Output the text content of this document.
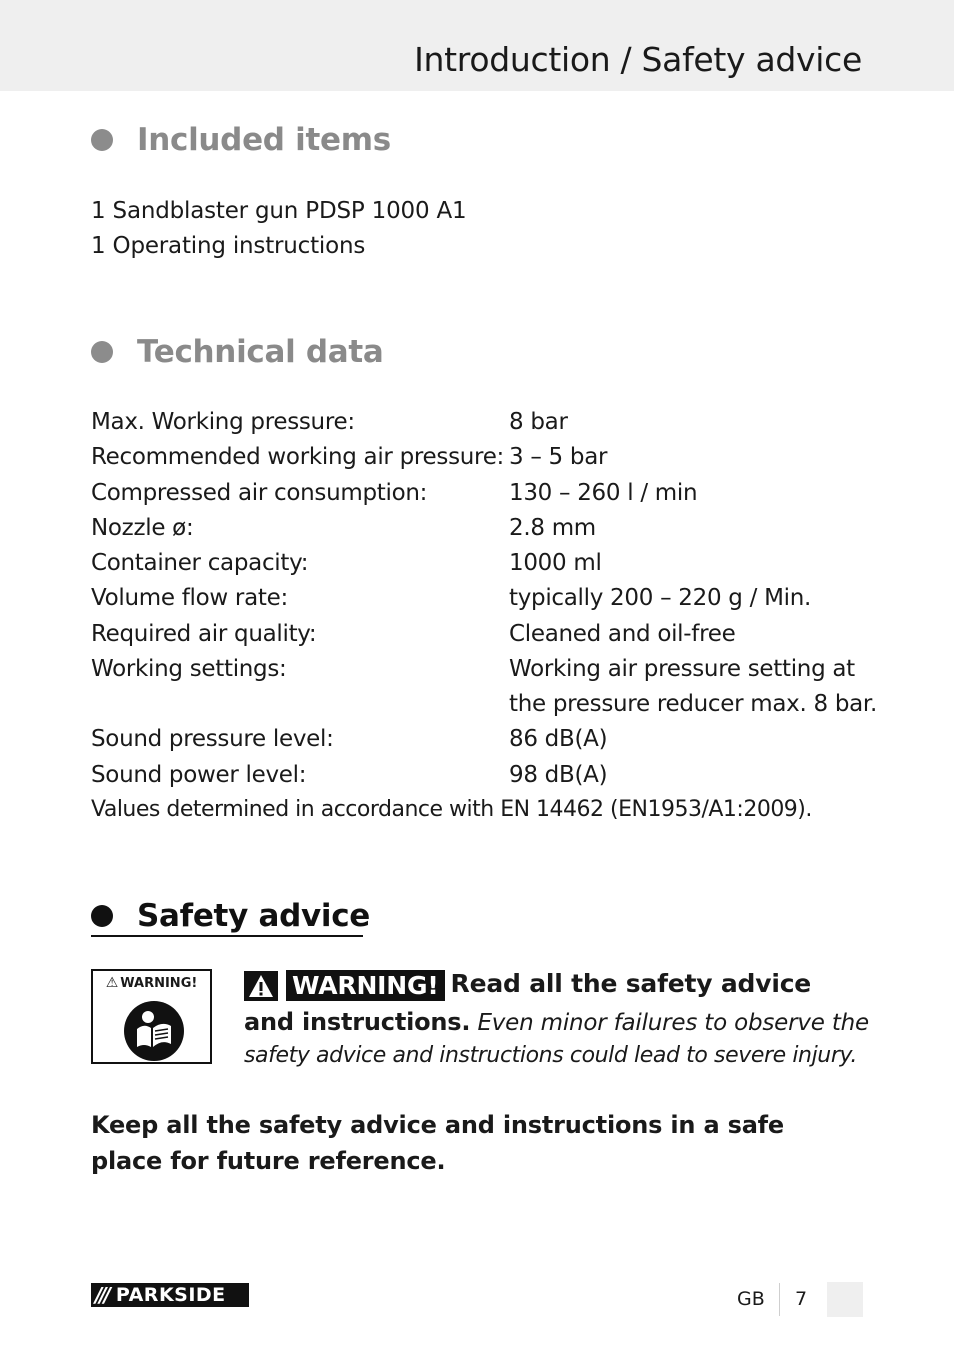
Introduction / Safety advice
Included items
1 Sandblaster gun PDSP 1000 A1
1 Operating instructions
Technical data
Max. Working pressure:	8 bar
Recommended working air pressure: 3 – 5 bar
Compressed air consumption:	130 – 260 l / min
Nozzle ø:	2.8 mm
Container capacity:	1000 ml
Volume flow rate:	typically 200 – 220 g / Min.
Required air quality:	Cleaned and oil-free
Working settings:	Working air pressure setting at
the pressure reducer max. 8 bar.
Sound pressure level:	86 dB(A)
Sound power level:	98 dB(A)
Values determined in accordance with EN 14462 (EN1953/A1:2009).
Safety advice
⚠ WARNING!	WARNING! Read all the safety advice
and instructions. Even minor failures to observe the
safety advice and instructions could lead to severe injury.
Keep all the safety advice and instructions in a safe
place for future reference.
/// PARKSIDE	GB 7
